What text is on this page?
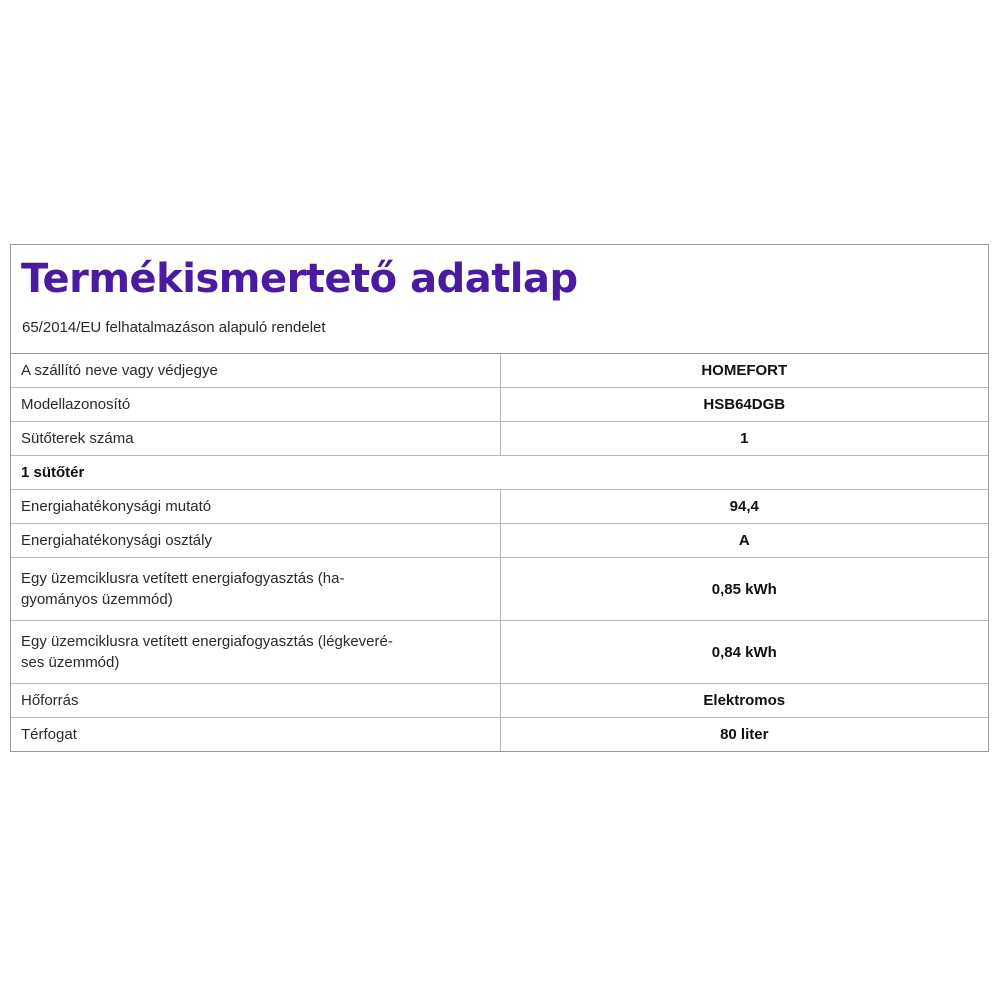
Termékismertető adatlap

65/2014/EU felhatalmazáson alapuló rendelet

A szállító neve vagy védjegye	HOMEFORT
Modellazonosító	HSB64DGB
Sütőterek száma	1
1 sütőtér	
Energiahatékonysági mutató	94,4
Energiahatékonysági osztály	A
Egy üzemciklusra vetített energiafogyasztás (ha-
gyományos üzemmód)	0,85 kWh
Egy üzemciklusra vetített energiafogyasztás (légkeveré-
ses üzemmód)	0,84 kWh
Hőforrás	Elektromos
Térfogat	80 liter
